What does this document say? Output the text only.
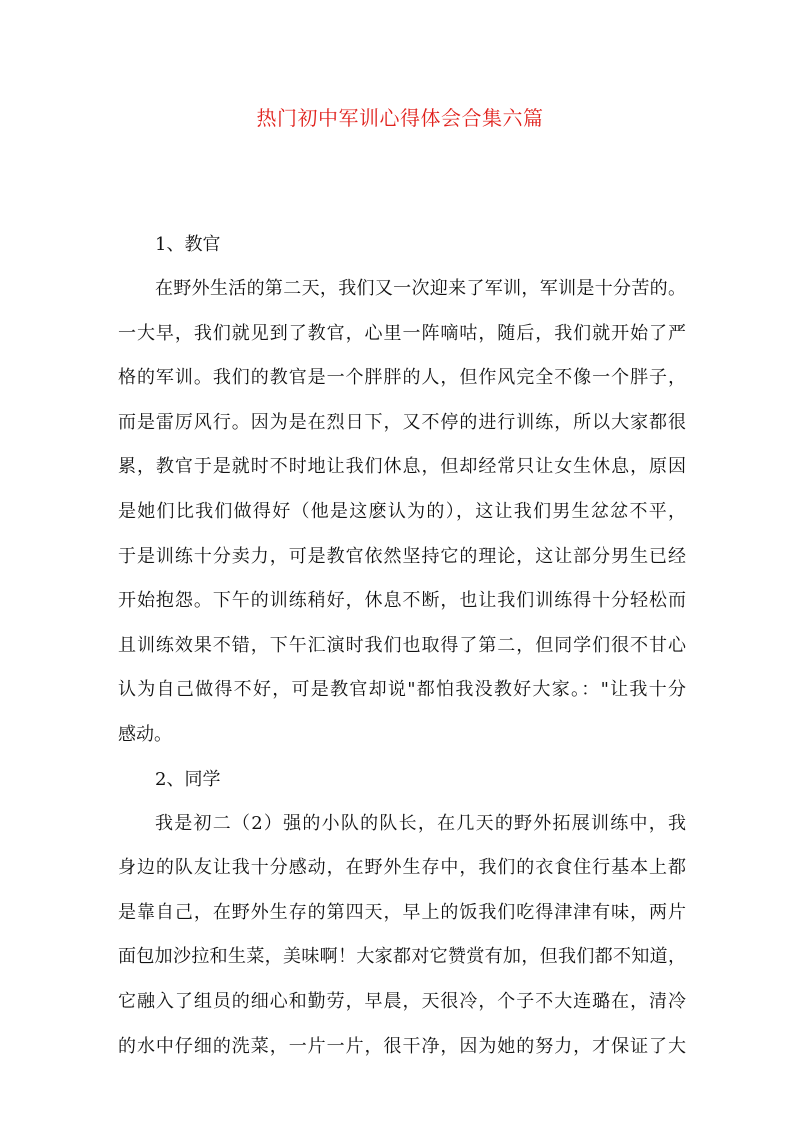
热门初中军训心得体会合集六篇
1、教官
在野外生活的第二天，我们又一次迎来了军训，军训是十分苦的。
一大早，我们就见到了教官，心里一阵嘀咕，随后，我们就开始了严
格的军训。我们的教官是一个胖胖的人，但作风完全不像一个胖子，
而是雷厉风行。因为是在烈日下，又不停的进行训练，所以大家都很
累，教官于是就时不时地让我们休息，但却经常只让女生休息，原因
是她们比我们做得好（他是这麽认为的），这让我们男生忿忿不平，
于是训练十分卖力，可是教官依然坚持它的理论，这让部分男生已经
开始抱怨。下午的训练稍好，休息不断，也让我们训练得十分轻松而
且训练效果不错，下午汇演时我们也取得了第二，但同学们很不甘心
认为自己做得不好，可是教官却说"都怕我没教好大家。："让我十分
感动。
2、同学
我是初二（2）强的小队的队长，在几天的野外拓展训练中，我
身边的队友让我十分感动，在野外生存中，我们的衣食住行基本上都
是靠自己，在野外生存的第四天，早上的饭我们吃得津津有味，两片
面包加沙拉和生菜，美味啊！大家都对它赞赏有加，但我们都不知道，
它融入了组员的细心和勤劳，早晨，天很冷，个子不大连璐在，清冷
的水中仔细的洗菜，一片一片，很干净，因为她的努力，才保证了大
